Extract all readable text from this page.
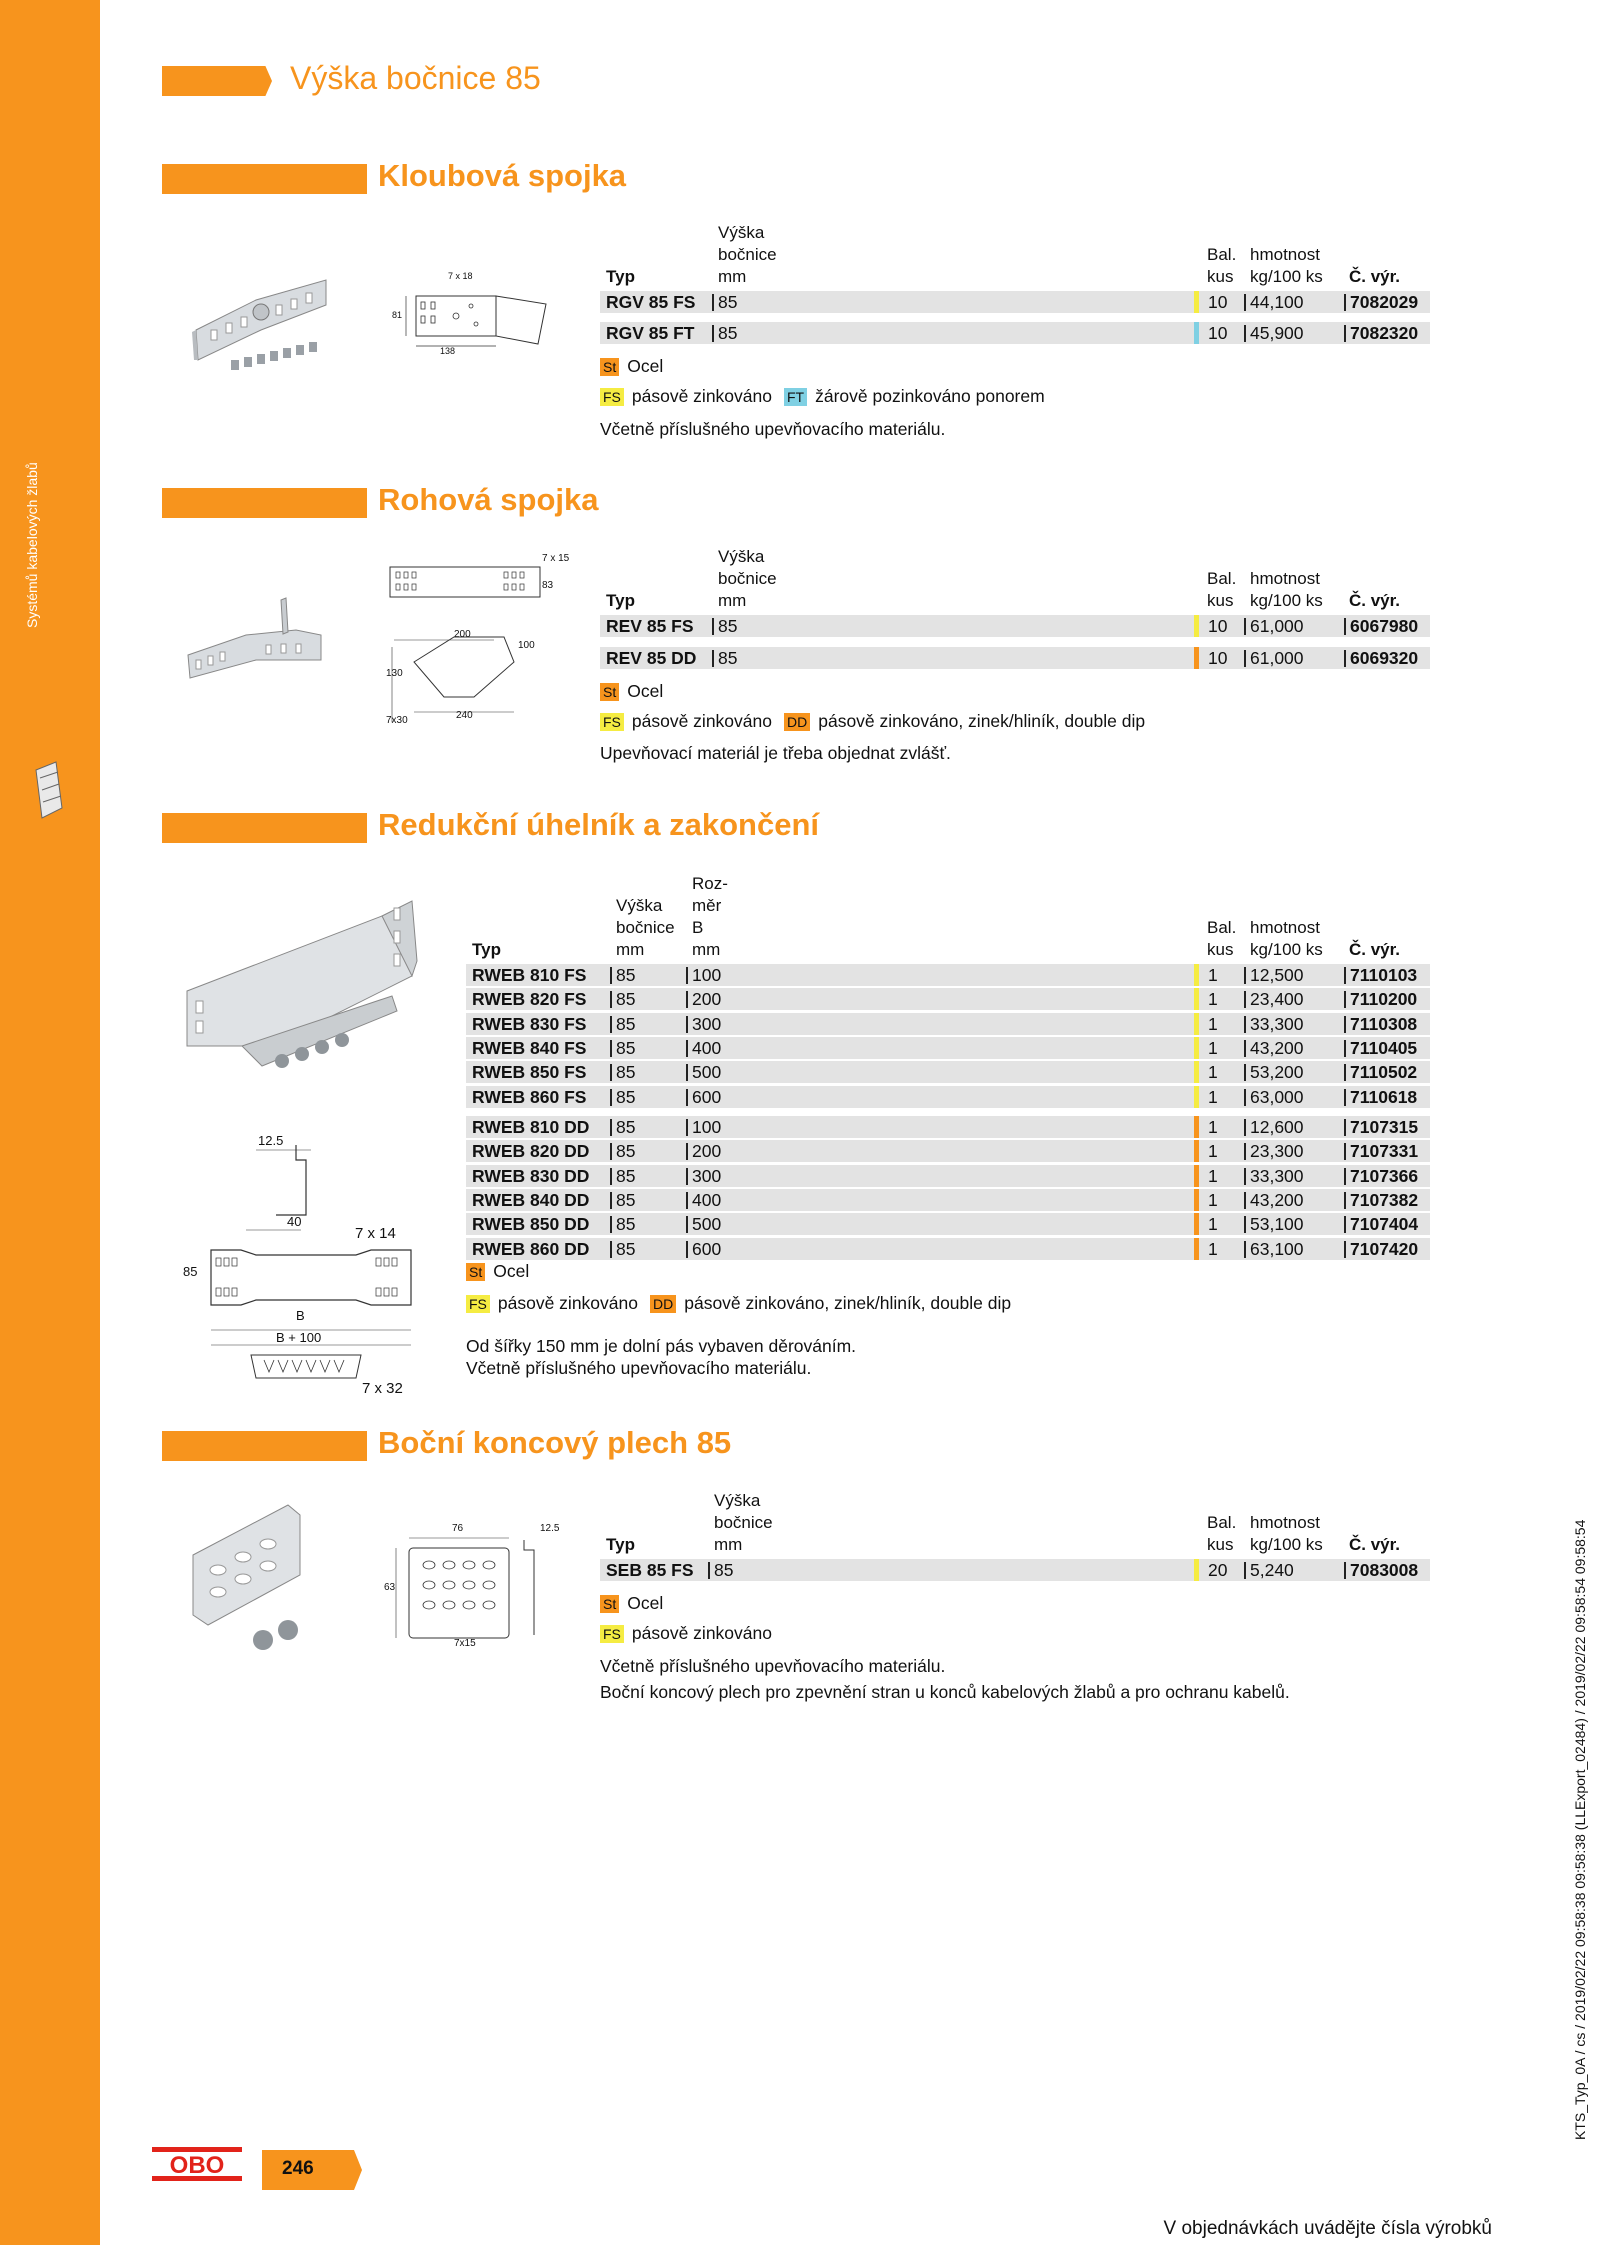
Systémů kabelových žlabů
Výška bočnice 85
Kloubová spojka
7 x 18
81
138
Výška
bočnice
mm
Typ
Bal.
kus
hmotnost
kg/100 ks Č. výr.
RGV 85 FS 85	10 44,100	7082029
RGV 85 FT 85	10 45,900	7082320
St Ocel
FS pásově zinkováno FT žárově pozinkováno ponorem
Včetně příslušného upevňovacího materiálu.
Rohová spojka
7 x 15
83
200
100
130
7x30	240
Výška
bočnice
mm
Typ
Bal.
kus
hmotnost
kg/100 ks Č. výr.
REV 85 FS 85	10 61,000	6067980
REV 85 DD 85	10 61,000	6069320
St Ocel
FS pásově zinkováno DD pásově zinkováno, zinek/hliník, double dip
Upevňovací materiál je třeba objednat zvlášť.
Redukční úhelník a zakončení
12.5
40
7 x 14
85
B
B + 100
7 x 32
Roz-
měr
B
mm
Výška
bočnice
mm
Typ
Bal.
kus
hmotnost
kg/100 ks Č. výr.
RWEB 810 FS 85	100	1 12,500	7110103
RWEB 820 FS 85	200	1 23,400	7110200
RWEB 830 FS 85	300	1 33,300	7110308
RWEB 840 FS 85	400	1 43,200	7110405
RWEB 850 FS 85	500	1 53,200	7110502
RWEB 860 FS 85	600	1 63,000	7110618
RWEB 810 DD 85	100	1 12,600	7107315
RWEB 820 DD 85	200	1 23,300	7107331
RWEB 830 DD 85	300	1 33,300	7107366
RWEB 840 DD 85	400	1 43,200	7107382
RWEB 850 DD 85	500	1 53,100	7107404
RWEB 860 DD 85	600	1 63,100	7107420
St Ocel
FS pásově zinkováno DD pásově zinkováno, zinek/hliník, double dip
Od šířky 150 mm je dolní pás vybaven děrováním.
Včetně příslušného upevňovacího materiálu.
Boční koncový plech 85
76	12.5
63
7x15
Výška
bočnice
mm
Typ
Bal.
kus
hmotnost
kg/100 ks Č. výr.
SEB 85 FS 85	20 5,240	7083008
St Ocel
FS pásově zinkováno
Včetně příslušného upevňovacího materiálu.
Boční koncový plech pro zpevnění stran u konců kabelových žlabů a pro ochranu kabelů.	KTS_Typ_0A / cs / 2019/02/22 09:58:38 09:58:38 (LLExport_02484) / 2019/02/22 09:58:54 09:58:54
OBO	246
V objednávkách uvádějte čísla výrobků
